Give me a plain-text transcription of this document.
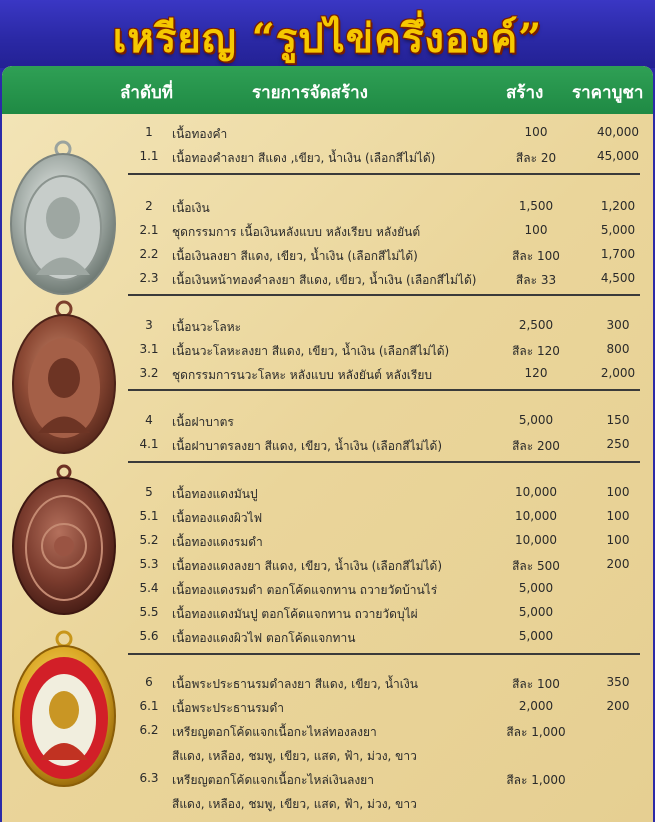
เหรียญ “รูปไข่ครึ่งองค์”
ลำดับที่	รายการจัดสร้าง	สร้าง ราคาบูชา
1	เนื้อทองคำ	100	40,000
1.1	เนื้อทองคำลงยา สีแดง ,เขียว, น้ำเงิน (เลือกสีไม่ได้)	สีละ 20	45,000
2	เนื้อเงิน	1,500	1,200
2.1	ชุดกรรมการ เนื้อเงินหลังแบบ หลังเรียบ หลังยันต์	100	5,000
2.2	เนื้อเงินลงยา สีแดง, เขียว, น้ำเงิน (เลือกสีไม่ได้)	สีละ 100	1,700
2.3	เนื้อเงินหน้าทองคำลงยา สีแดง, เขียว, น้ำเงิน (เลือกสีไม่ได้)	สีละ 33	4,500
3	เนื้อนวะโลหะ	2,500	300
3.1	เนื้อนวะโลหะลงยา สีแดง, เขียว, น้ำเงิน (เลือกสีไม่ได้)	สีละ 120	800
3.2	ชุดกรรมการนวะโลหะ หลังแบบ หลังยันต์ หลังเรียบ	120	2,000
4	เนื้อฝาบาตร	5,000	150
4.1	เนื้อฝาบาตรลงยา สีแดง, เขียว, น้ำเงิน (เลือกสีไม่ได้)	สีละ 200	250
5	เนื้อทองแดงมันปู	10,000	100
5.1	เนื้อทองแดงผิวไฟ	10,000	100
5.2	เนื้อทองแดงรมดำ	10,000	100
5.3	เนื้อทองแดงลงยา สีแดง, เขียว, น้ำเงิน (เลือกสีไม่ได้)	สีละ 500	200
5.4	เนื้อทองแดงรมดำ ตอกโค้ดแจกทาน ถวายวัดบ้านไร่	5,000
5.5	เนื้อทองแดงมันปู ตอกโค้ดแจกทาน ถวายวัดบุไผ่	5,000
5.6	เนื้อทองแดงผิวไฟ ตอกโค้ดแจกทาน	5,000
6	เนื้อพระประธานรมดำลงยา สีแดง, เขียว, น้ำเงิน	สีละ 100	350
6.1	เนื้อพระประธานรมดำ	2,000	200
6.2	เหรียญตอกโค้ดแจกเนื้อกะไหล่ทองลงยา	สีละ 1,000
สีแดง, เหลือง, ชมพู, เขียว, แสด, ฟ้า, ม่วง, ขาว
6.3	เหรียญตอกโค้ดแจกเนื้อกะไหล่เงินลงยา	สีละ 1,000
สีแดง, เหลือง, ชมพู, เขียว, แสด, ฟ้า, ม่วง, ขาว
